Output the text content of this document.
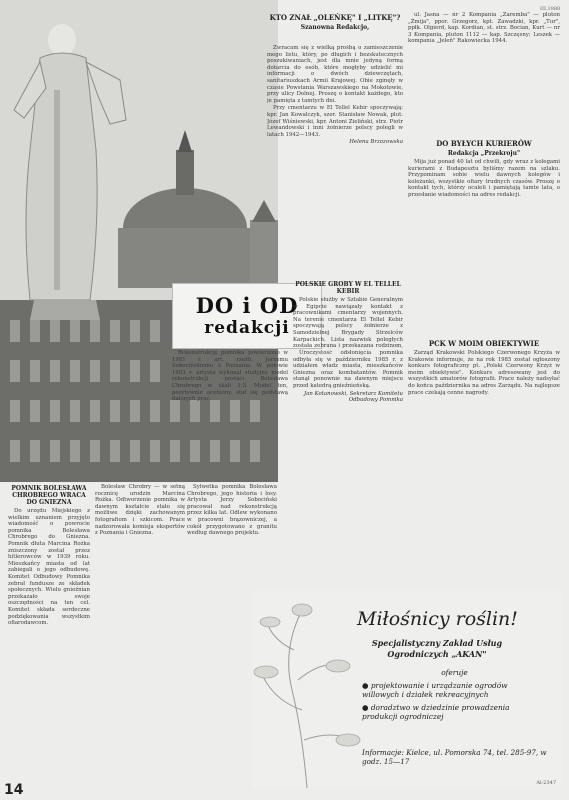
DO i OD
redakcji
KTO ZNAŁ „OLEŃKĘ" I „LITKĘ"?
Szanowna Redakcjo,

Zwracam się z wielką prośbą o zamieszczenie mego listu, który, po długich i bezskutecznych poszukiwaniach, jest dla mnie jedyną formą dotarcia do osób, które mogłyby udzielić mi informacji o dwóch dziewczętach, sanitariuszkach Armii Krajowej. Obie zginęły w czasie Powstania Warszawskiego na Mokotowie, przy ulicy Dolnej. Proszę o kontakt każdego, kto je pamięta z tamtych dni.

Przy cmentarzu w El Tellel Kebir spoczywają: kpr. Jan Kowalczyk, szer. Stanisław Nowak, plut. Józef Wiśniewski, kpr. Antoni Zieliński, strz. Piotr Lewandowski i inni żołnierze polscy polegli w latach 1942—1943.

Helena Brzozowska
POLSKIE GROBY W EL TELLEL KEBIR

Polskie służby w Sztabie Generalnym w Egipcie nawiązały kontakt z pracownikami cmentarzy wojennych. Na terenie cmentarza El Tellel Kebir spoczywają polscy żołnierze z Samodzielnej Brygady Strzelców Karpackich. Lista nazwisk poległych została zebrana i przekazana rodzinom,

ul. Jasna — nr 2 Kompania „Zaremba" — pluton „Żmija", ppor. Grzegorz, kpt. Zawadzki, kpr. „Tur", ppłk. Olgierd, kap. Kordian, st. strz. Bocian, Kurt — nr 3 Kompania, pluton 1112 — kap. Szczęsny; Leszek — kompania „Jeleń" Rakowiecka 1944.

DO BYŁYCH KURIERÓW
Redakcja „Przekroju"

Mija już ponad 40 lat od chwili, gdy wraz z kolegami kurierami z Budapesztu byliśmy razem na szlaku. Przypominam sobie wielu dawnych kolegów i koleżanki, wszystkie ofiary trudnych czasów. Proszę o kontakt tych, którzy ocaleli i pamiętają tamte lata, o przesłanie wiadomości na adres redakcji.

PCK W MOIM OBIEKTYWIE

Zarząd Krakowski Polskiego Czerwonego Krzyża w Krakowie informuje, że na rok 1985 został ogłoszony konkurs fotograficzny pt. „Polski Czerwony Krzyż w moim obiektywie". Konkurs adresowany jest do wszystkich amatorów fotografii. Prace należy nadsyłać do końca października na adres Zarządu. Na najlepsze prace czekają cenne nagrody.

Rekonstrukcję pomnika powierzono w 1981 r. art. rzeźb. Jerzemu Sobocińskiemu z Poznania. W połowie 1983 r. artysta wykonał studyjny model rekonstrukcji postaci Bolesława Chrobrego w skali 1:3. Model ten, pozytywnie oceniony, stał się podstawą dalszych prac.

Uroczystość odsłonięcia pomnika odbyła się w październiku 1985 r. z udziałem władz miasta, mieszkańców Gniezna oraz kombatantów. Pomnik stanął ponownie na dawnym miejscu przed katedrą gnieźnieńską.

Jan Kotanowski, Sekretarz Komitetu Odbudowy Pomnika
POMNIK BOLESŁAWA CHROBREGO WRACA DO GNIEZNA

Do urzędu Miejskiego z wielkim uznaniem przyjęto wiadomość o powrocie pomnika Bolesława Chrobrego do Gniezna. Pomnik dłuta Marcina Rożka zniszczony został przez hitlerowców w 1939 roku. Mieszkańcy miasta od lat zabiegali o jego odbudowę. Komitet Odbudowy Pomnika zebrał fundusze ze składek społecznych. Wielu gnieźnian przekazało swoje oszczędności na ten cel. Komitet składa serdeczne podziękowania wszystkim ofiarodawcom.

Bolesław Chrobry — w setną rocznicę urodzin Marcina Rożka. Odtworzenie pomnika w dawnym kształcie stało się możliwe dzięki zachowanym fotografiom i szkicom. Prace nadzorowała komisja ekspertów z Poznania i Gniezna.

Sylwetka pomnika Bolesława Chrobrego, jego historia i losy. Artysta Jerzy Sobociński pracował nad rekonstrukcją przez kilka lat. Odlew wykonano w pracowni brązowniczej, a cokół przygotowano z granitu według dawnego projektu.

Miłośnicy roślin!
Specjalistyczny Zakład Usług
Ogrodniczych „AKAN"
oferuje
● projektowanie i urządzanie ogrodów willowych i działek rekreacyjnych
● doradztwo w dziedzinie prowadzenia produkcji ogrodniczej
Informacje: Kielce, ul. Pomorska 74, tel. 285-97, w godz. 15—17
Al-2347
14
III.1888
